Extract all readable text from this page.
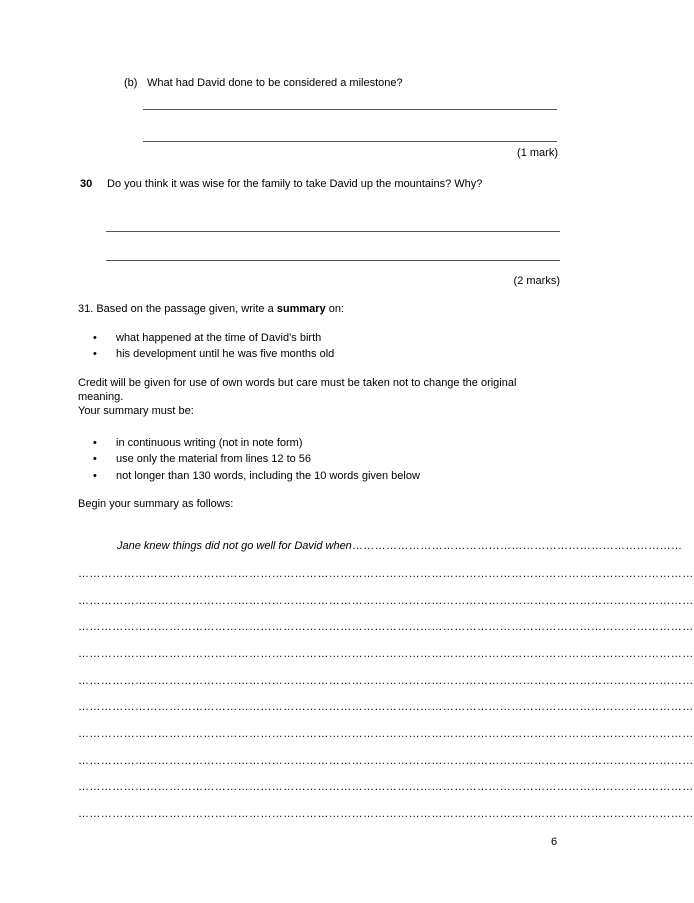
(b) What had David done to be considered a milestone?
(1 mark)
30 Do you think it was wise for the family to take David up the mountains? Why?
(2 marks)
31. Based on the passage given, write a summary on:
• what happened at the time of David’s birth
• his development until he was five months old
Credit will be given for use of own words but care must be taken not to change the original
meaning.
Your summary must be:
• in continuous writing (not in note form)
• use only the material from lines 12 to 56
• not longer than 130 words, including the 10 words given below
Begin your summary as follows:
Jane knew things did not go well for David when……………………………………………………………………………
………………………………………………………………………………………………………………………………………………
………………………………………………………………………………………………………………………………………………
………………………………………………………………………………………………………………………………………………
………………………………………………………………………………………………………………………………………………
………………………………………………………………………………………………………………………………………………
………………………………………………………………………………………………………………………………………………
………………………………………………………………………………………………………………………………………………
………………………………………………………………………………………………………………………………………………
………………………………………………………………………………………………………………………………………………
………………………………………………………………………………………………………………………………………………
6
